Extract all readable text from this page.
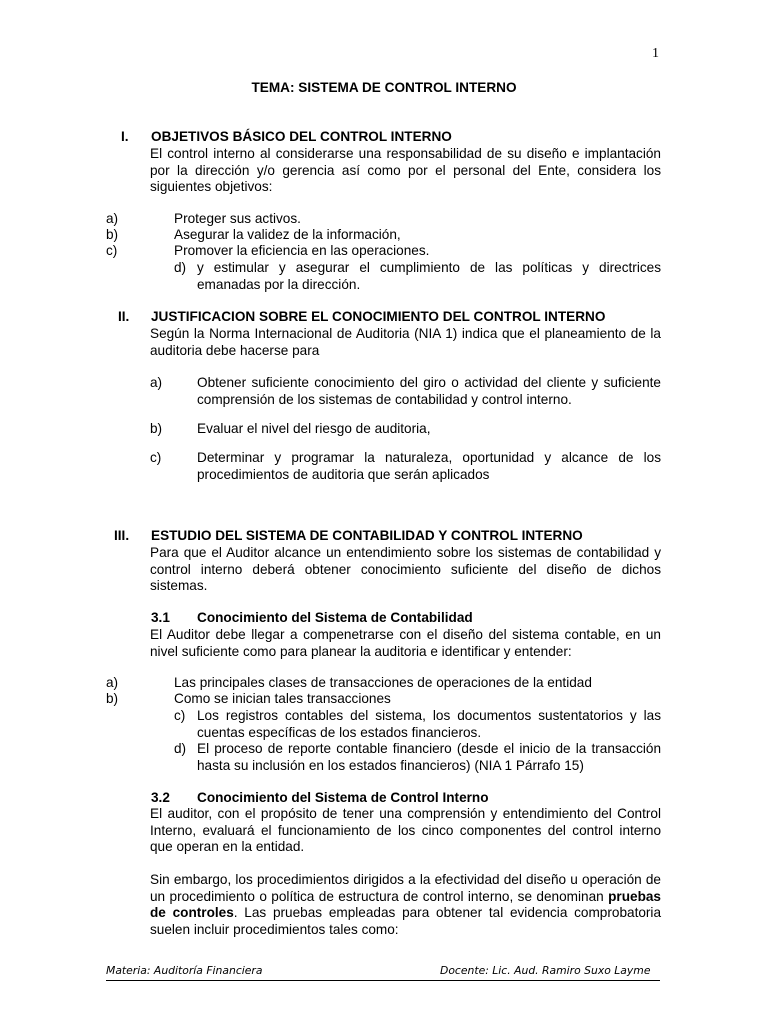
1
TEMA: SISTEMA DE CONTROL INTERNO
I. OBJETIVOS BÁSICO DEL CONTROL INTERNO
El control interno al considerarse una responsabilidad de su diseño e implantación por la dirección y/o gerencia así como por el personal del Ente, considera los siguientes objetivos:
a)	Proteger sus activos.
b)	Asegurar la validez de la información,
c)	Promover la eficiencia en las operaciones.
d) y estimular y asegurar el cumplimiento de las políticas y directrices emanadas por la dirección.
II. JUSTIFICACION SOBRE EL CONOCIMIENTO DEL CONTROL INTERNO
Según la Norma Internacional de Auditoria (NIA 1) indica que el planeamiento de la auditoria debe hacerse para
a)	Obtener suficiente conocimiento del giro o actividad del cliente y suficiente comprensión de los sistemas de contabilidad y control interno.
b)	Evaluar el nivel del riesgo de auditoria,
c)	Determinar y programar la naturaleza, oportunidad y alcance de los procedimientos de auditoria que serán aplicados
III. ESTUDIO DEL SISTEMA DE CONTABILIDAD Y CONTROL INTERNO
Para que el Auditor alcance un entendimiento sobre los sistemas de contabilidad y control interno deberá obtener conocimiento suficiente del diseño de dichos sistemas.
3.1 Conocimiento del Sistema de Contabilidad
El Auditor debe llegar a compenetrarse con el diseño del sistema contable, en un nivel suficiente como para planear la auditoria e identificar y entender:
a)	Las principales clases de transacciones de operaciones de la entidad
b)	Como se inician tales transacciones
c) Los registros contables del sistema, los documentos sustentatorios y las cuentas específicas de los estados financieros.
d) El proceso de reporte contable financiero (desde el inicio de la transacción hasta su inclusión en los estados financieros) (NIA 1 Párrafo 15)
3.2 Conocimiento del Sistema de Control Interno
El auditor, con el propósito de tener una comprensión y entendimiento del Control Interno, evaluará el funcionamiento de los cinco componentes del control interno que operan en la entidad.
Sin embargo, los procedimientos dirigidos a la efectividad del diseño u operación de un procedimiento o política de estructura de control interno, se denominan pruebas de controles. Las pruebas empleadas para obtener tal evidencia comprobatoria suelen incluir procedimientos tales como:
Materia: Auditoría Financiera	Docente: Lic. Aud. Ramiro Suxo Layme
